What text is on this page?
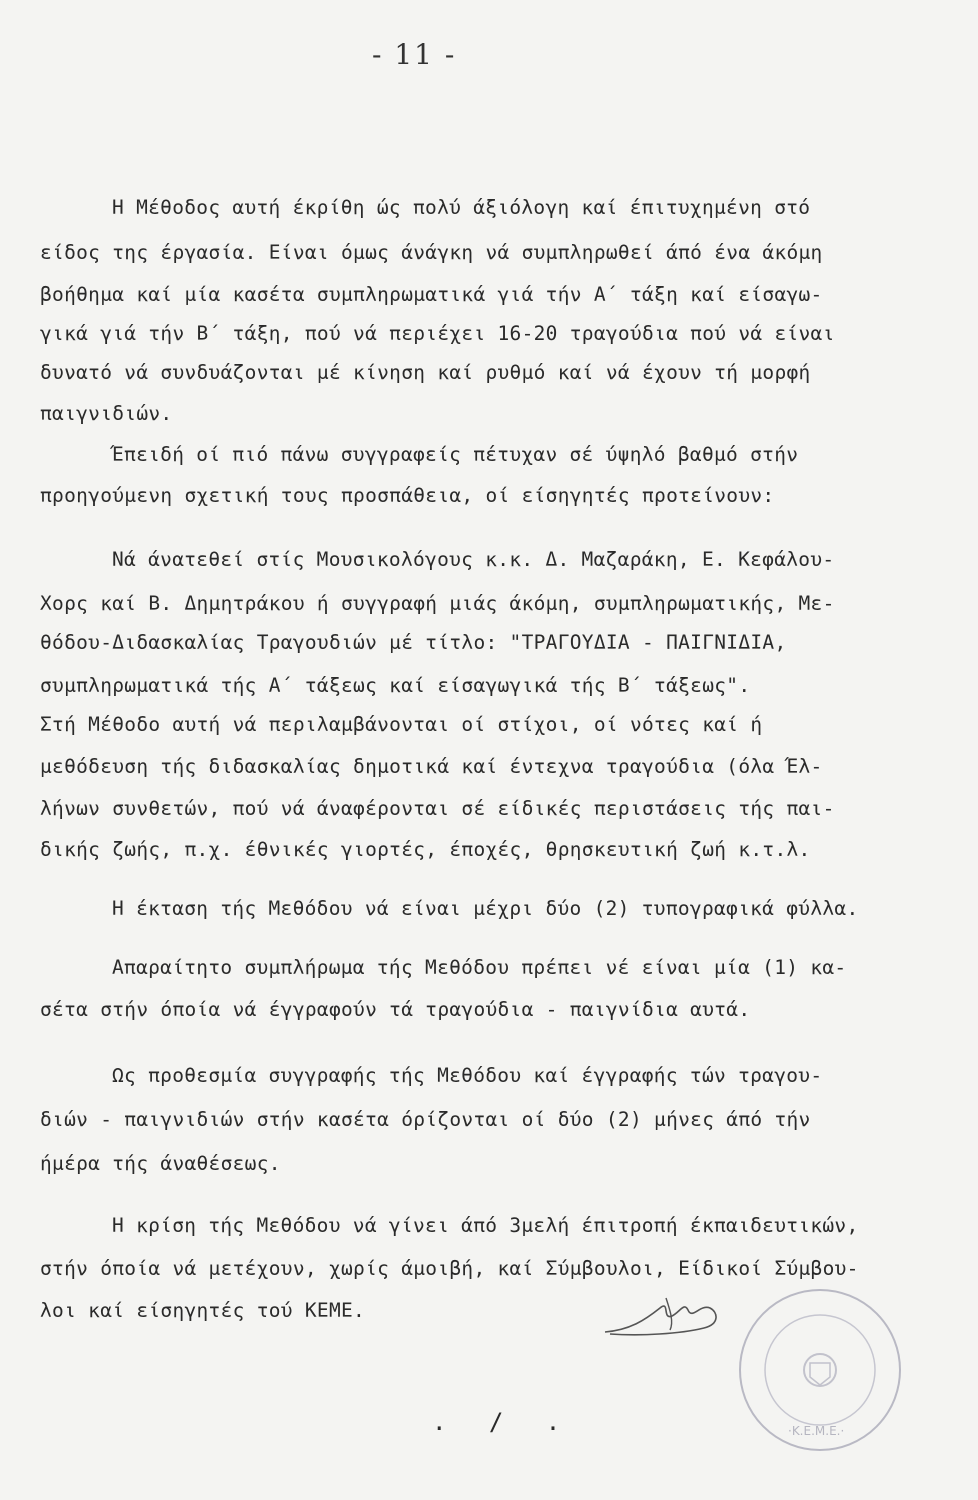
- 11 -
Η Μέθοδος αυτή έκρίθη ώς πολύ άξιόλογη καί έπιτυχημένη στό
είδος της έργασία. Είναι όμως άνάγκη νά συμπληρωθεί άπό ένα άκόμη
βοήθημα καί μία κασέτα συμπληρωματικά γιά τήν Α΄ τάξη καί είσαγω-
γικά γιά τήν Β΄ τάξη, πού νά περιέχει 16-20 τραγούδια πού νά είναι
δυνατό νά συνδυάζονται μέ κίνηση καί ρυθμό καί νά έχουν τή μορφή
παιγνιδιών.
Έπειδή οί πιό πάνω συγγραφείς πέτυχαν σέ ύψηλό βαθμό στήν
προηγούμενη σχετική τους προσπάθεια, οί είσηγητές προτείνουν:
Νά άνατεθεί στίς Μουσικολόγους κ.κ. Δ. Μαζαράκη, Ε. Κεφάλου-
Χορς καί Β. Δημητράκου ή συγγραφή μιάς άκόμη, συμπληρωματικής, Με-
θόδου-Διδασκαλίας Τραγουδιών μέ τίτλο: "ΤΡΑΓΟΥΔΙΑ - ΠΑΙΓΝΙΔΙΑ,
συμπληρωματικά τής Α΄ τάξεως καί είσαγωγικά τής Β΄ τάξεως".
Στή Μέθοδο αυτή νά περιλαμβάνονται οί στίχοι, οί νότες καί ή
μεθόδευση τής διδασκαλίας δημοτικά καί έντεχνα τραγούδια (όλα Έλ-
λήνων συνθετών, πού νά άναφέρονται σέ είδικές περιστάσεις τής παι-
δικής ζωής, π.χ. έθνικές γιορτές, έποχές, θρησκευτική ζωή κ.τ.λ.
Η έκταση τής Μεθόδου νά είναι μέχρι δύο (2) τυπογραφικά φύλλα.
Απαραίτητο συμπλήρωμα τής Μεθόδου πρέπει νέ είναι μία (1) κα-
σέτα στήν όποία νά έγγραφούν τά τραγούδια - παιγνίδια αυτά.
Ως προθεσμία συγγραφής τής Μεθόδου καί έγγραφής τών τραγου-
διών - παιγνιδιών στήν κασέτα όρίζονται οί δύο (2) μήνες άπό τήν
ήμέρα τής άναθέσεως.
Η κρίση τής Μεθόδου νά γίνει άπό 3μελή έπιτροπή έκπαιδευτικών,
στήν όποία νά μετέχουν, χωρίς άμοιβή, καί Σύμβουλοι, Είδικοί Σύμβου-
λοι καί είσηγητές τού ΚΕΜΕ.
·K.E.M.E.·
. / .
